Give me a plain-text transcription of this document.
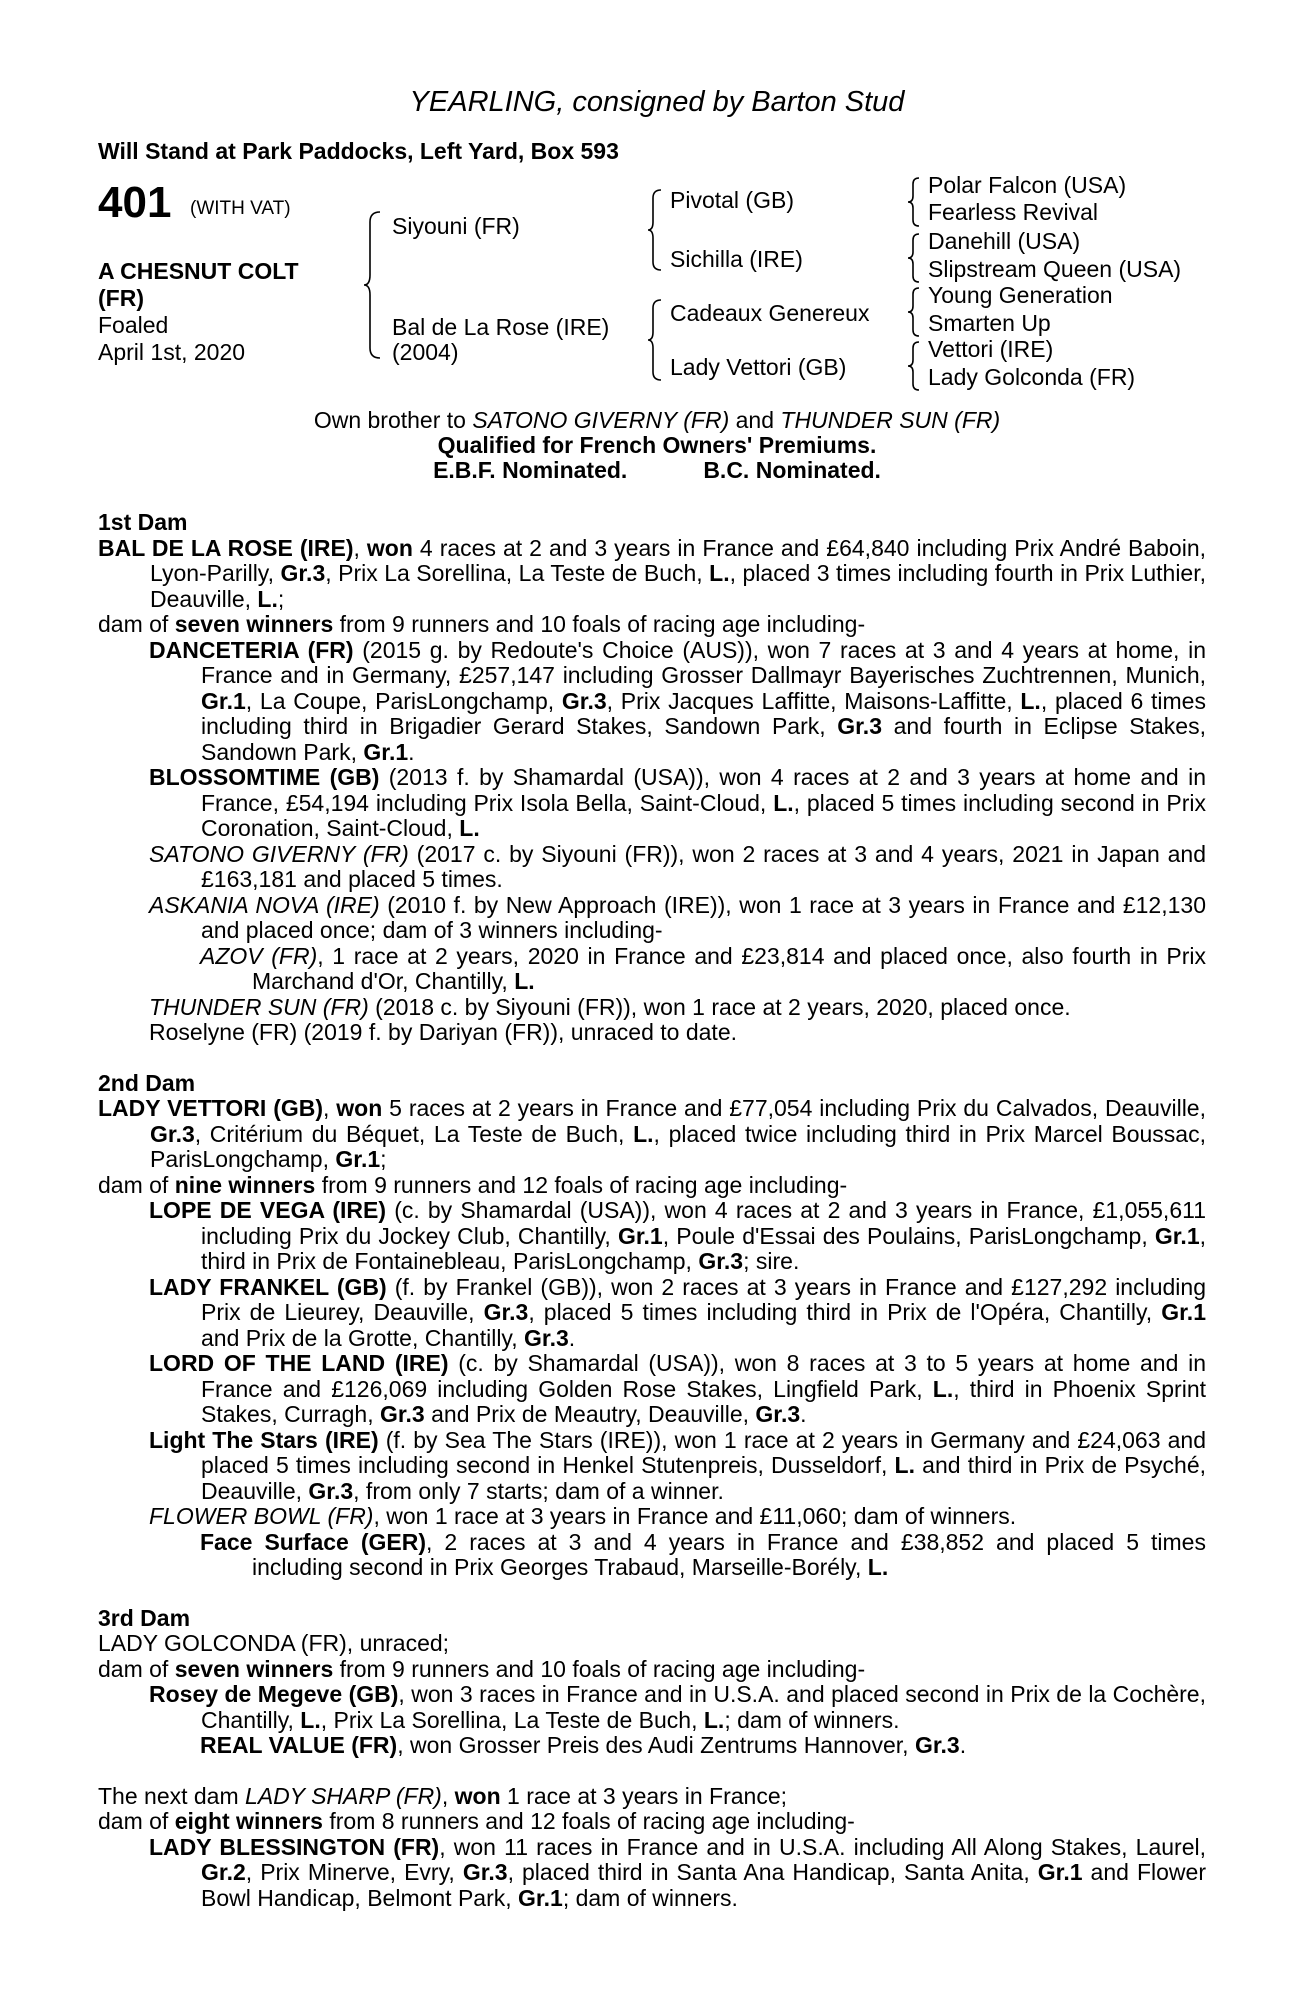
YEARLING, consigned by Barton Stud
Will Stand at Park Paddocks, Left Yard, Box 593
401 (WITH VAT)
A CHESNUT COLT
(FR)
Foaled
April 1st, 2020
Siyouni (FR)
Bal de La Rose (IRE)
(2004)
Pivotal (GB)
Sichilla (IRE)
Cadeaux Genereux
Lady Vettori (GB)
Polar Falcon (USA)
Fearless Revival
Danehill (USA)
Slipstream Queen (USA)
Young Generation
Smarten Up
Vettori (IRE)
Lady Golconda (FR)
Own brother to SATONO GIVERNY (FR) and THUNDER SUN (FR)
Qualified for French Owners' Premiums.
E.B.F. Nominated.	B.C. Nominated.

1st Dam

BAL DE LA ROSE (IRE), won 4 races at 2 and 3 years in France and £64,840 including Prix André Baboin, Lyon-Parilly, Gr.3, Prix La Sorellina, La Teste de Buch, L., placed 3 times including fourth in Prix Luthier, Deauville, L.;

dam of seven winners from 9 runners and 10 foals of racing age including-

DANCETERIA (FR) (2015 g. by Redoute's Choice (AUS)), won 7 races at 3 and 4 years at home, in France and in Germany, £257,147 including Grosser Dallmayr Bayerisches Zuchtrennen, Munich, Gr.1, La Coupe, ParisLongchamp, Gr.3, Prix Jacques Laffitte, Maisons-Laffitte, L., placed 6 times including third in Brigadier Gerard Stakes, Sandown Park, Gr.3 and fourth in Eclipse Stakes, Sandown Park, Gr.1.

BLOSSOMTIME (GB) (2013 f. by Shamardal (USA)), won 4 races at 2 and 3 years at home and in France, £54,194 including Prix Isola Bella, Saint-Cloud, L., placed 5 times including second in Prix Coronation, Saint-Cloud, L.

SATONO GIVERNY (FR) (2017 c. by Siyouni (FR)), won 2 races at 3 and 4 years, 2021 in Japan and £163,181 and placed 5 times.

ASKANIA NOVA (IRE) (2010 f. by New Approach (IRE)), won 1 race at 3 years in France and £12,130 and placed once; dam of 3 winners including-

AZOV (FR), 1 race at 2 years, 2020 in France and £23,814 and placed once, also fourth in Prix Marchand d'Or, Chantilly, L.

THUNDER SUN (FR) (2018 c. by Siyouni (FR)), won 1 race at 2 years, 2020, placed once.

Roselyne (FR) (2019 f. by Dariyan (FR)), unraced to date.

2nd Dam

LADY VETTORI (GB), won 5 races at 2 years in France and £77,054 including Prix du Calvados, Deauville, Gr.3, Critérium du Béquet, La Teste de Buch, L., placed twice including third in Prix Marcel Boussac, ParisLongchamp, Gr.1;

dam of nine winners from 9 runners and 12 foals of racing age including-

LOPE DE VEGA (IRE) (c. by Shamardal (USA)), won 4 races at 2 and 3 years in France, £1,055,611 including Prix du Jockey Club, Chantilly, Gr.1, Poule d'Essai des Poulains, ParisLongchamp, Gr.1, third in Prix de Fontainebleau, ParisLongchamp, Gr.3; sire.

LADY FRANKEL (GB) (f. by Frankel (GB)), won 2 races at 3 years in France and £127,292 including Prix de Lieurey, Deauville, Gr.3, placed 5 times including third in Prix de l'Opéra, Chantilly, Gr.1 and Prix de la Grotte, Chantilly, Gr.3.

LORD OF THE LAND (IRE) (c. by Shamardal (USA)), won 8 races at 3 to 5 years at home and in France and £126,069 including Golden Rose Stakes, Lingfield Park, L., third in Phoenix Sprint Stakes, Curragh, Gr.3 and Prix de Meautry, Deauville, Gr.3.

Light The Stars (IRE) (f. by Sea The Stars (IRE)), won 1 race at 2 years in Germany and £24,063 and placed 5 times including second in Henkel Stutenpreis, Dusseldorf, L. and third in Prix de Psyché, Deauville, Gr.3, from only 7 starts; dam of a winner.

FLOWER BOWL (FR), won 1 race at 3 years in France and £11,060; dam of winners.

Face Surface (GER), 2 races at 3 and 4 years in France and £38,852 and placed 5 times including second in Prix Georges Trabaud, Marseille-Borély, L.

3rd Dam

LADY GOLCONDA (FR), unraced;

dam of seven winners from 9 runners and 10 foals of racing age including-

Rosey de Megeve (GB), won 3 races in France and in U.S.A. and placed second in Prix de la Cochère, Chantilly, L., Prix La Sorellina, La Teste de Buch, L.; dam of winners.

REAL VALUE (FR), won Grosser Preis des Audi Zentrums Hannover, Gr.3.

The next dam LADY SHARP (FR), won 1 race at 3 years in France;

dam of eight winners from 8 runners and 12 foals of racing age including-

LADY BLESSINGTON (FR), won 11 races in France and in U.S.A. including All Along Stakes, Laurel, Gr.2, Prix Minerve, Evry, Gr.3, placed third in Santa Ana Handicap, Santa Anita, Gr.1 and Flower Bowl Handicap, Belmont Park, Gr.1; dam of winners.
